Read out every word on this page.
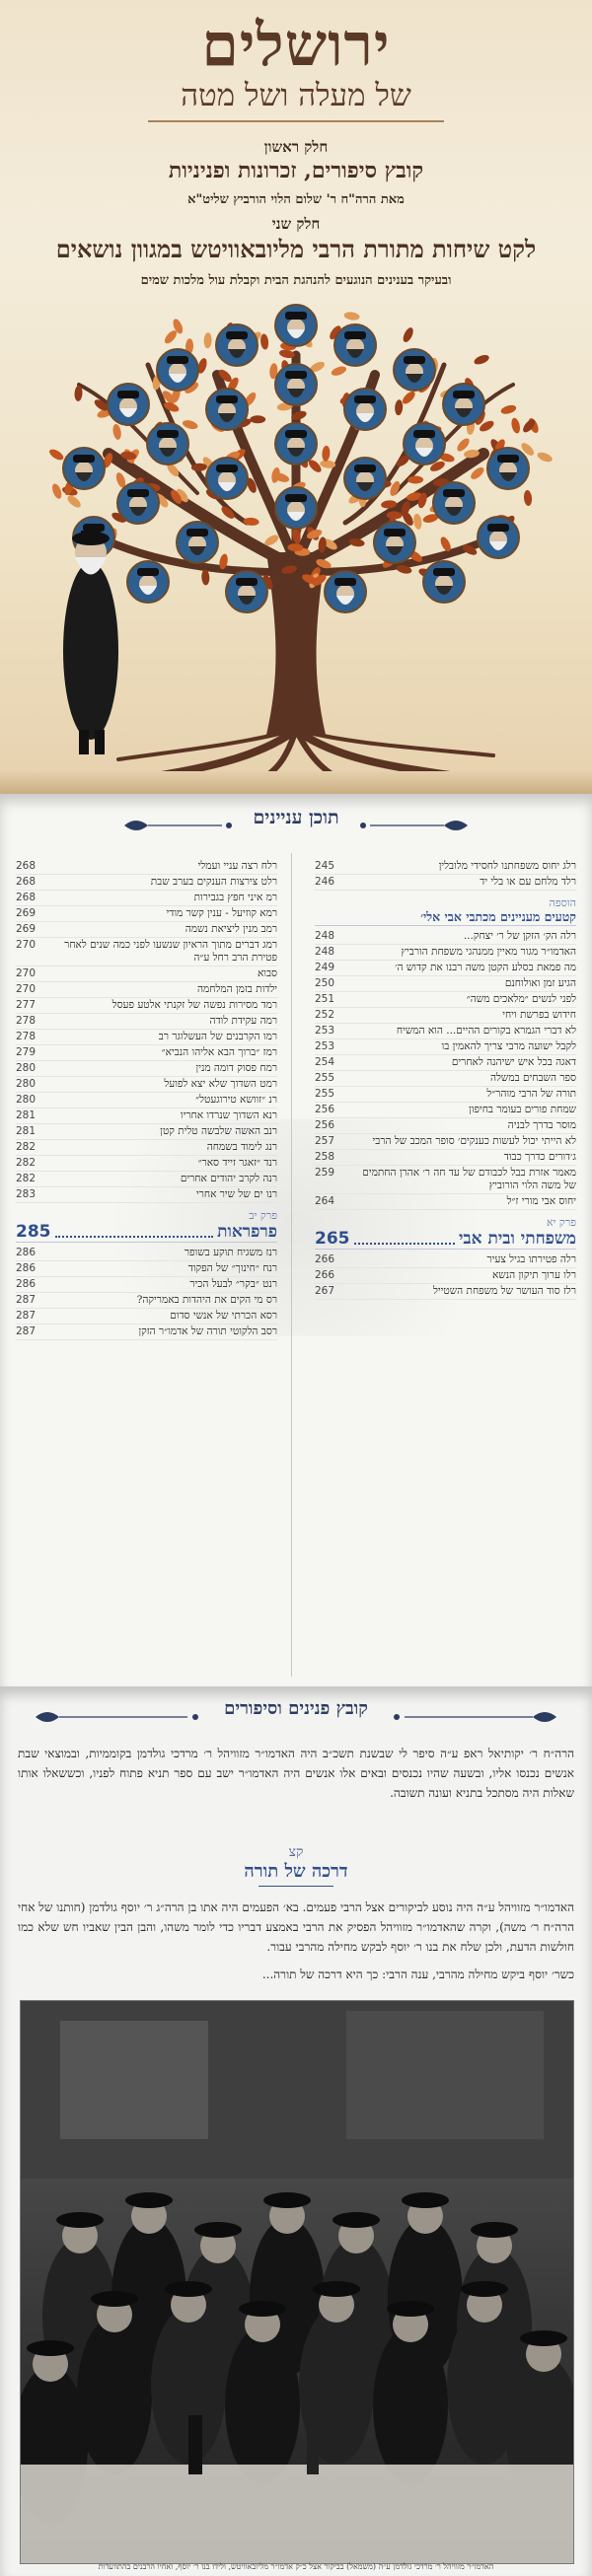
ירושלים
של מעלה ושל מטה
חלק ראשון
קובץ סיפורים, זכרונות ופניניות
מאת הרה"ח ר' שלום הלוי הורביץ שליט"א
חלק שני
לקט שיחות מתורת הרבי מליובאוויטש במגוון נושאים
ובעיקר בענינים הנוגעים להנהגת הבית וקבלת עול מלכות שמים
תוכן עניינים
רלג יחוס משפחתנו לחסידי מלובלין
245
רלד מלחם עם או בלי יד
246
הוספה
קטעים מעניינים מכתבי אבי אלי׳
רלה הק׳ הזקן של ר׳ יצחק...
248
האדמו״ר מגור מאיין ממנהגי משפחת הורביץ
248
מה פמאת בסלע הקטן משה רבנו את קדוש ה׳
249
הגיע זמן ואולוחנם
250
לפני לנשים ״מלאכים משה״
251
חידוש בפרשת ויחי
252
לא דברי הגמרא בקורים ההיים... הוא המשיח
253
לקבל ישועה מרבי צריך להאמין בו
253
דאגה בכל איש ישיהנה לאחרים
254
ספר השבחים במשלה
255
תורה של הרבי מוהר״ל
255
שמחת פורים בעומר בחיפון
256
מוסר בדרך לבניה
256
לא הייתי יכול לעשות כענקים׳ סופר המכב של הרבי
257
ג׳דורים כדרך כבוד
258
מאמר אזרת בבל לכבודם של עד חה ר׳ אהרן החתמים של משה הלוי הורוביץ
259
יחוס אבי מורי ז״ל
264
פרק יא
משפחתי ובית אבי
265
רלה פטירתו בגיל צעיר
266
רלו ערוך תיקון הנשא
266
רלז סוד העושר של משפחת השטייל
267
רלח רצה עניי ועמלי
268
רלט צירצות הענקים בערב שבת
268
רמ איני חפץ בגבירות
268
רמא קוזיעל - ענין קשר מודי
269
רמב מנין ליציאת נשמה
269
רמג דברים מתוך הראיון שנשעו לפני כמה שנים לאחר פטירת הרב רחל ע״ה
270
סבוא
270
ילדות בזמן המלחמה
270
רמד מסירות נפשה של זקנתי אלטע פעסל
277
רמה עקידת לודה
278
רמו הקרבנים של העשלוגר רב
278
רמז ״ברוך הבא אליהו הנביא״
279
רמח פסוק דומה מנין
280
רמט השדוך שלא יצא לפועל
280
רנ ״זוושא טירוגעטל״
280
רנא השדוך שנרדו אחריו
281
רנב האשה שלבשה טלית קטן
281
רנג לימוד בשמחה
282
רנד ״זאגר זייד סאר״
282
רנה לקרב יהודים אחרים
282
רנו ים של שיר אחרי
283
פרק יב
פרפראות
285
רנז משגיח תוקע בשופר
286
רנח ״חינוך״ של הפקוד
286
רנט ״בקר״ לבעל הכיר
286
רס מי הקים את היהדות באמריקה?
287
רסא הכרתי של אנשי סדום
287
רסב הלקוטי תורה של אדמו״ר הזקן
287
קובץ פנינים וסיפורים
הרה״ח ר׳ יקותיאל ראפ ע״ה סיפר לי שבשנת תשכ״ב היה האדמו״ר מזוויהל ר׳ מרדכי גולדמן בקוממיות, ובמוצאי שבת אנשים נכנסו אליו, ובשעה שהיו נכנסים ובאים אלו אנשים היה האדמו״ר ישב עם ספר תניא פתוח לפניו, וכששאלו אותו שאלות היה מסתכל בתניא ועונה תשובה.
קצ
דרכה של תורה
האדמו״ר מזוויהל ע״ה היה נוסע לביקורים אצל הרבי פעמים. בא׳ הפעמים היה אתו בן הרה״ג ר׳ יוסף גולדמן (חותנו של אחי הרה״ח ר׳ משה), וקרה שהאדמו״ר מזוויהל הפסיק את הרבי באמצע דבריו כדי לומר משהו, והבן הבין שאביו חש שלא כמו חולשות הדעת, ולכן שלח את בנו ר׳ יוסף לבקש מחילה מהרבי עבור.
כשר׳ יוסף ביקש מחילה מהרבי, ענה הרבי: כך היא דרכה של תורה...
האדמו״ר מזוויהל ר׳ מרדכי גולדמן ע״ה (משמאל) בביקור אצל כ״ק אדמו״ר מליובאוויטש, ולידו בנו ר׳ יוסף, ואחיו הרבנים בהתוועדות
